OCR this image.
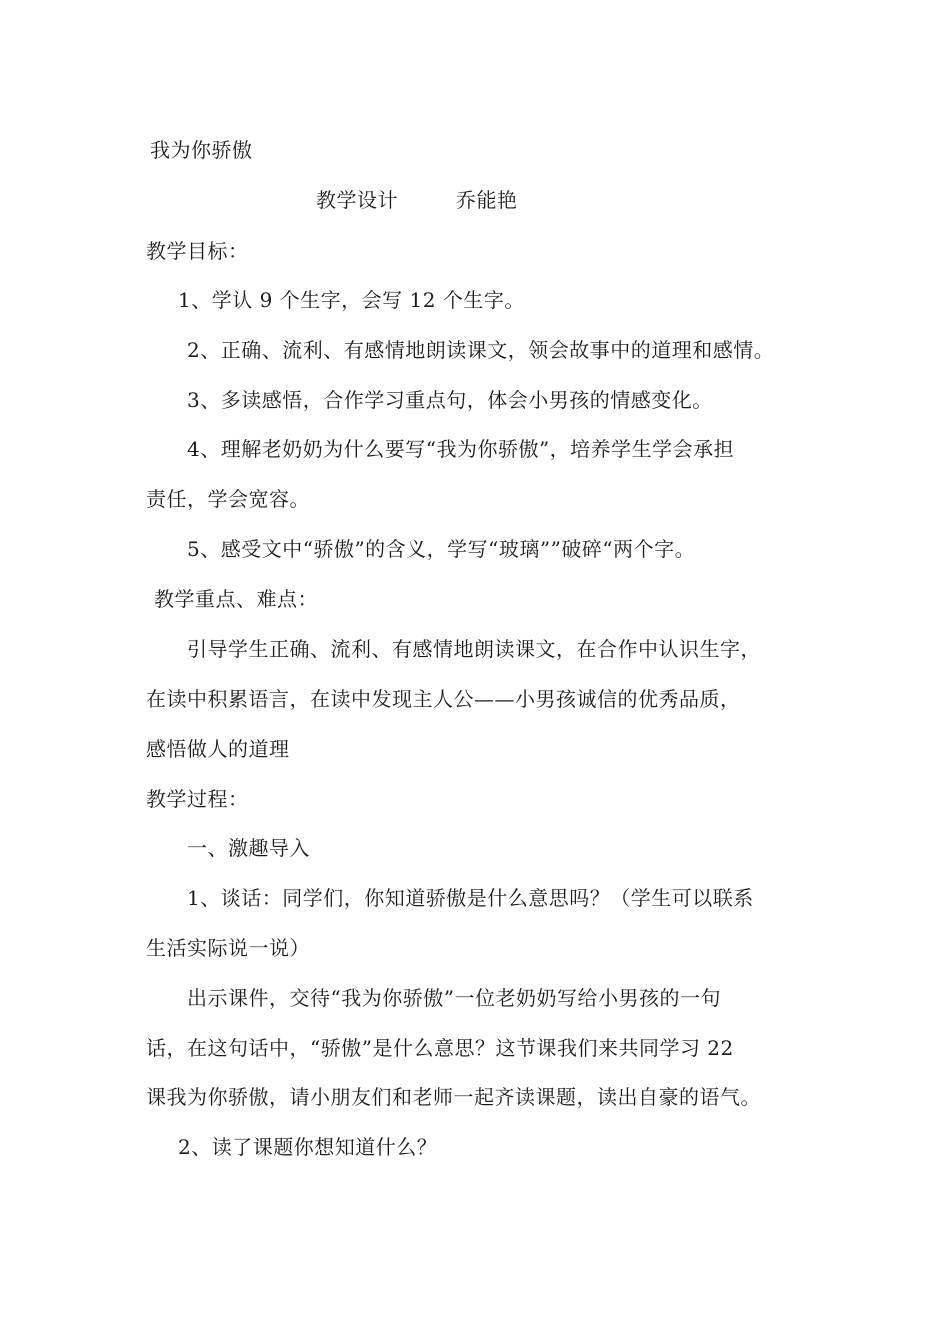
我为你骄傲
教学设计	乔能艳
教学目标：
1、学认 9 个生字，会写 12 个生字。
2、正确、流利、有感情地朗读课文，领会故事中的道理和感情。
3、多读感悟，合作学习重点句，体会小男孩的情感变化。
4、理解老奶奶为什么要写“我为你骄傲”，培养学生学会承担
责任，学会宽容。
5、感受文中“骄傲”的含义，学写“玻璃””破碎“两个字。
教学重点、难点：
引导学生正确、流利、有感情地朗读课文，在合作中认识生字，
在读中积累语言，在读中发现主人公——小男孩诚信的优秀品质，
感悟做人的道理
教学过程：
一、激趣导入
1、谈话：同学们，你知道骄傲是什么意思吗？（学生可以联系
生活实际说一说）
出示课件，交待“我为你骄傲”一位老奶奶写给小男孩的一句
话，在这句话中，“骄傲”是什么意思？这节课我们来共同学习 22
课我为你骄傲，请小朋友们和老师一起齐读课题，读出自豪的语气。
2、读了课题你想知道什么？
